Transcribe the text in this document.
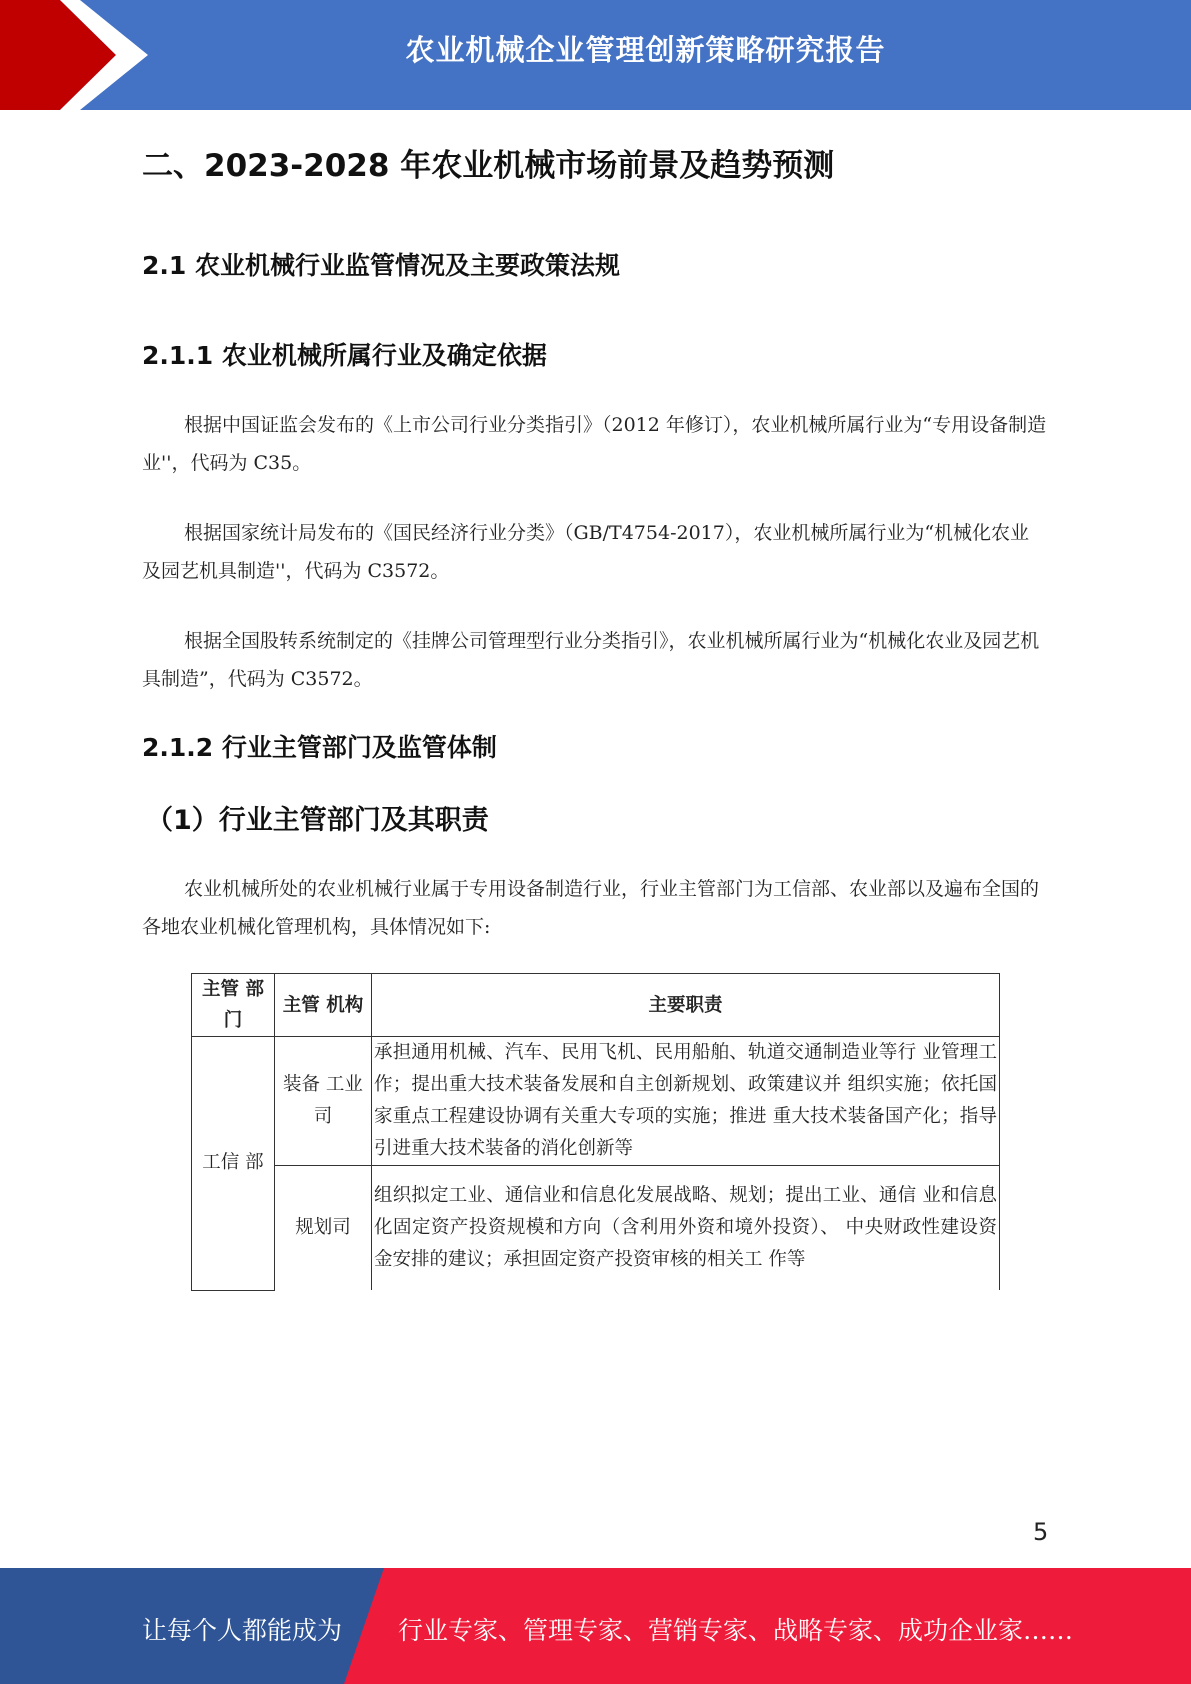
农业机械企业管理创新策略研究报告
二、2023-2028 年农业机械市场前景及趋势预测
2.1 农业机械行业监管情况及主要政策法规
2.1.1 农业机械所属行业及确定依据

根据中国证监会发布的《上市公司行业分类指引》（2012 年修订），农业机械所属行业为“专用设备制造业''，代码为 C35。

根据国家统计局发布的《国民经济行业分类》（GB/T4754-2017），农业机械所属行业为“机械化农业及园艺机具制造''，代码为 C3572。

根据全国股转系统制定的《挂牌公司管理型行业分类指引》，农业机械所属行业为“机械化农业及园艺机具制造”，代码为 C3572。

2.1.2 行业主管部门及监管体制
（1）行业主管部门及其职责

农业机械所处的农业机械行业属于专用设备制造行业，行业主管部门为工信部、农业部以及遍布全国的各地农业机械化管理机构，具体情况如下:

主管 部门	主管 机构	主要职责
工信 部	装备 工业司	承担通用机械、汽车、民用飞机、民用船舶、轨道交通制造业等行 业管理工作；提出重大技术装备发展和自主创新规划、政策建议并 组织实施；依托国家重点工程建设协调有关重大专项的实施；推进 重大技术装备国产化；指导引进重大技术装备的消化创新等
	规划司	组织拟定工业、通信业和信息化发展战略、规划；提出工业、通信 业和信息化固定资产投资规模和方向（含利用外资和境外投资）、 中央财政性建设资金安排的建议；承担固定资产投资审核的相关工 作等
5
让每个人都能成为 行业专家、管理专家、营销专家、战略专家、成功企业家……
